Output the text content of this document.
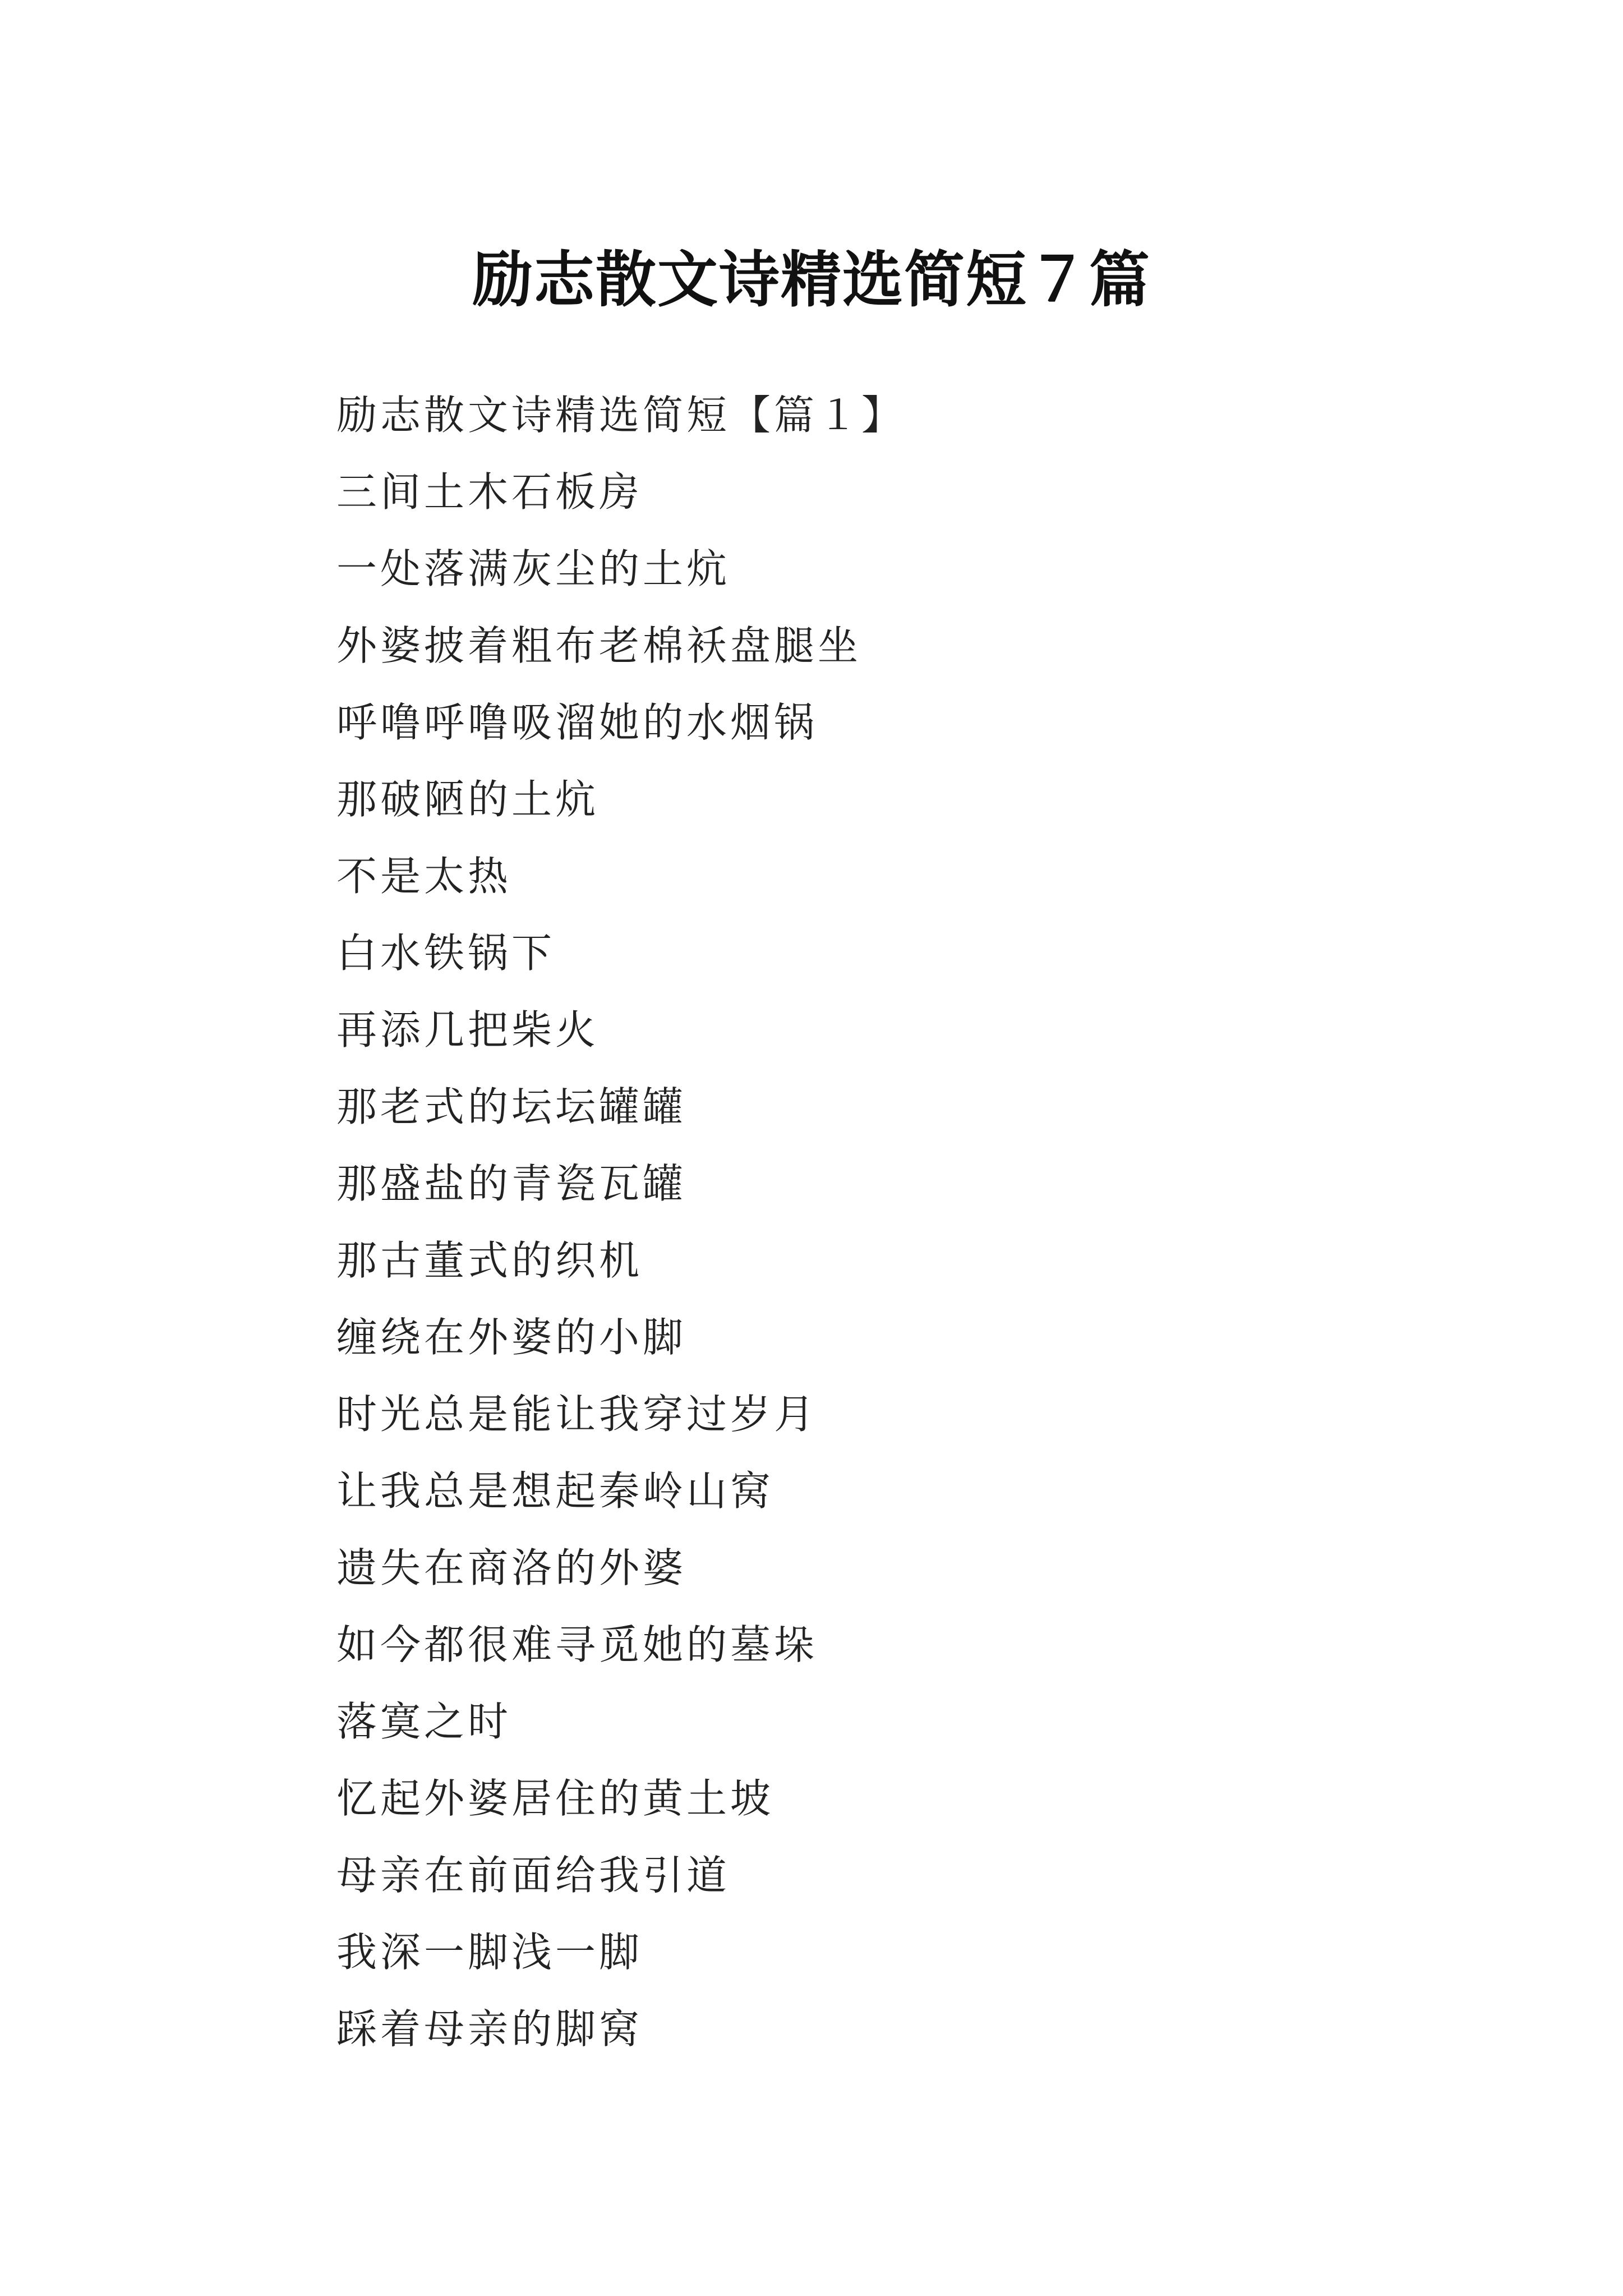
励志散文诗精选简短７篇
励志散文诗精选简短【篇１】
三间土木石板房
一处落满灰尘的土炕
外婆披着粗布老棉袄盘腿坐
呼噜呼噜吸溜她的水烟锅
那破陋的土炕
不是太热
白水铁锅下
再添几把柴火
那老式的坛坛罐罐
那盛盐的青瓷瓦罐
那古董式的织机
缠绕在外婆的小脚
时光总是能让我穿过岁月
让我总是想起秦岭山窝
遗失在商洛的外婆
如今都很难寻觅她的墓垛
落寞之时
忆起外婆居住的黄土坡
母亲在前面给我引道
我深一脚浅一脚
踩着母亲的脚窝
